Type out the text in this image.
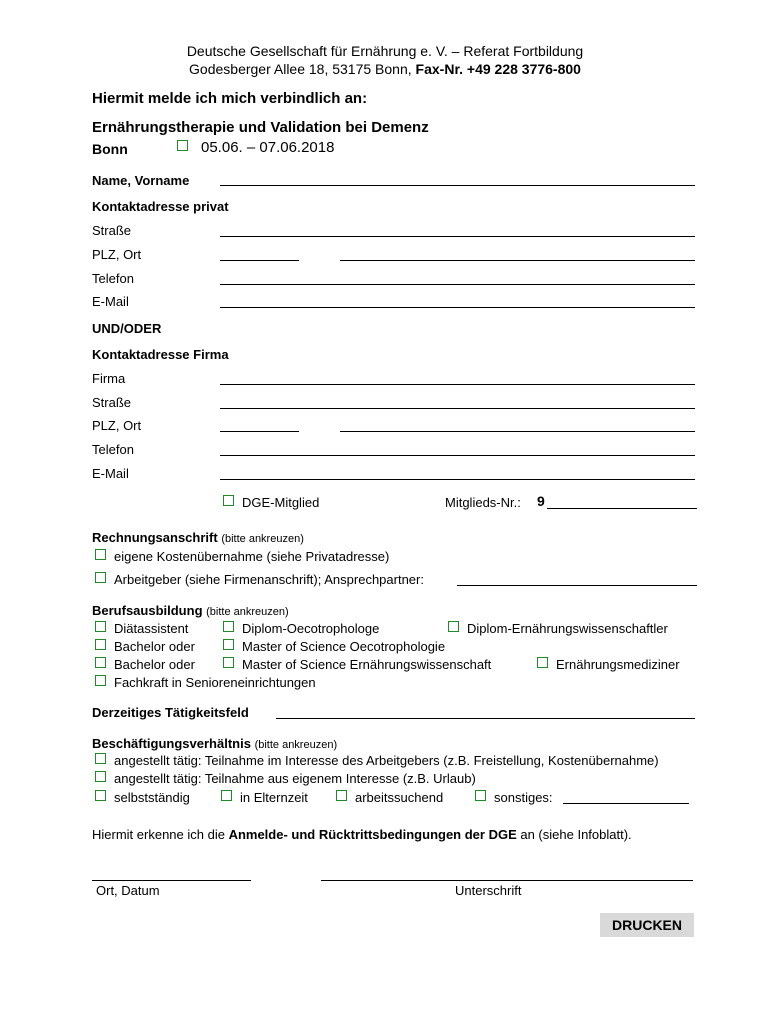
Deutsche Gesellschaft für Ernährung e. V. – Referat Fortbildung
Godesberger Allee 18, 53175 Bonn, Fax-Nr. +49 228 3776-800
Hiermit melde ich mich verbindlich an:
Ernährungstherapie und Validation bei Demenz
Bonn	05.06. – 07.06.2018
Name, Vorname
Kontaktadresse privat
Straße
PLZ, Ort
Telefon
E-Mail
UND/ODER
Kontaktadresse Firma
Firma
Straße
PLZ, Ort
Telefon
E-Mail
DGE-Mitglied	Mitglieds-Nr.: 9
Rechnungsanschrift (bitte ankreuzen)
eigene Kostenübernahme (siehe Privatadresse)
Arbeitgeber (siehe Firmenanschrift); Ansprechpartner:
Berufsausbildung (bitte ankreuzen)
Diätassistent	Diplom-Oecotrophologe	Diplom-Ernährungswissenschaftler
Bachelor oder	Master of Science Oecotrophologie
Bachelor oder	Master of Science Ernährungswissenschaft	Ernährungsmediziner
Fachkraft in Senioreneinrichtungen
Derzeitiges Tätigkeitsfeld
Beschäftigungsverhältnis (bitte ankreuzen)
angestellt tätig: Teilnahme im Interesse des Arbeitgebers (z.B. Freistellung, Kostenübernahme)
angestellt tätig: Teilnahme aus eigenem Interesse (z.B. Urlaub)
selbstständig	in Elternzeit	arbeitssuchend	sonstiges:
Hiermit erkenne ich die Anmelde- und Rücktrittsbedingungen der DGE an (siehe Infoblatt).
Ort, Datum	Unterschrift
DRUCKEN
